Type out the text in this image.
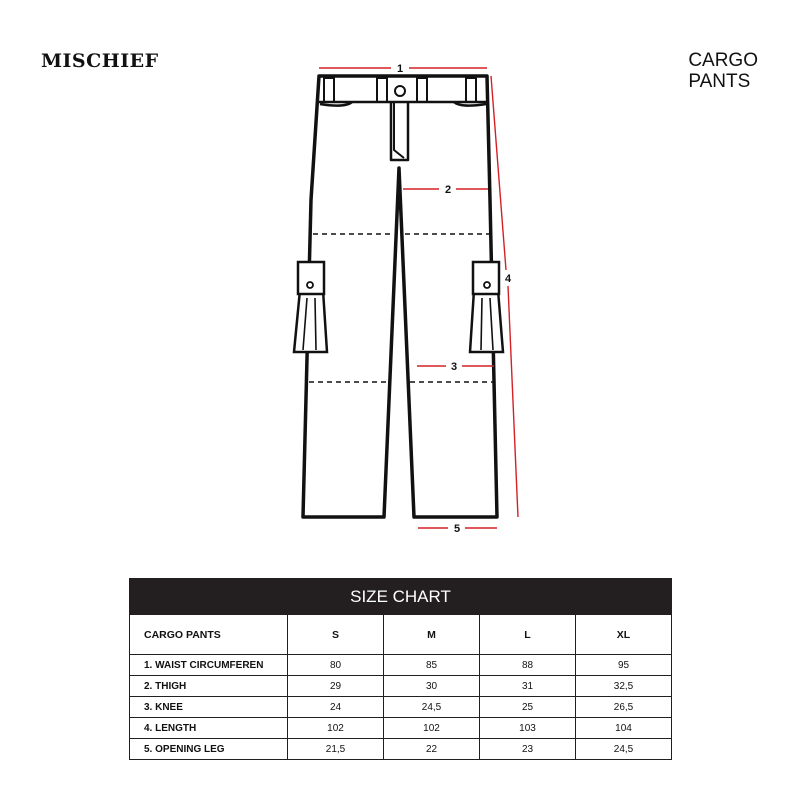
MISCHIEF	CARGO
PANTS
1
2
3
4
5
SIZE CHART				
CARGO PANTS	S	M	L	XL
1. WAIST CIRCUMFEREN	80	85	88	95
2. THIGH	29	30	31	32,5
3. KNEE	24	24,5	25	26,5
4. LENGTH	102	102	103	104
5. OPENING LEG	21,5	22	23	24,5
